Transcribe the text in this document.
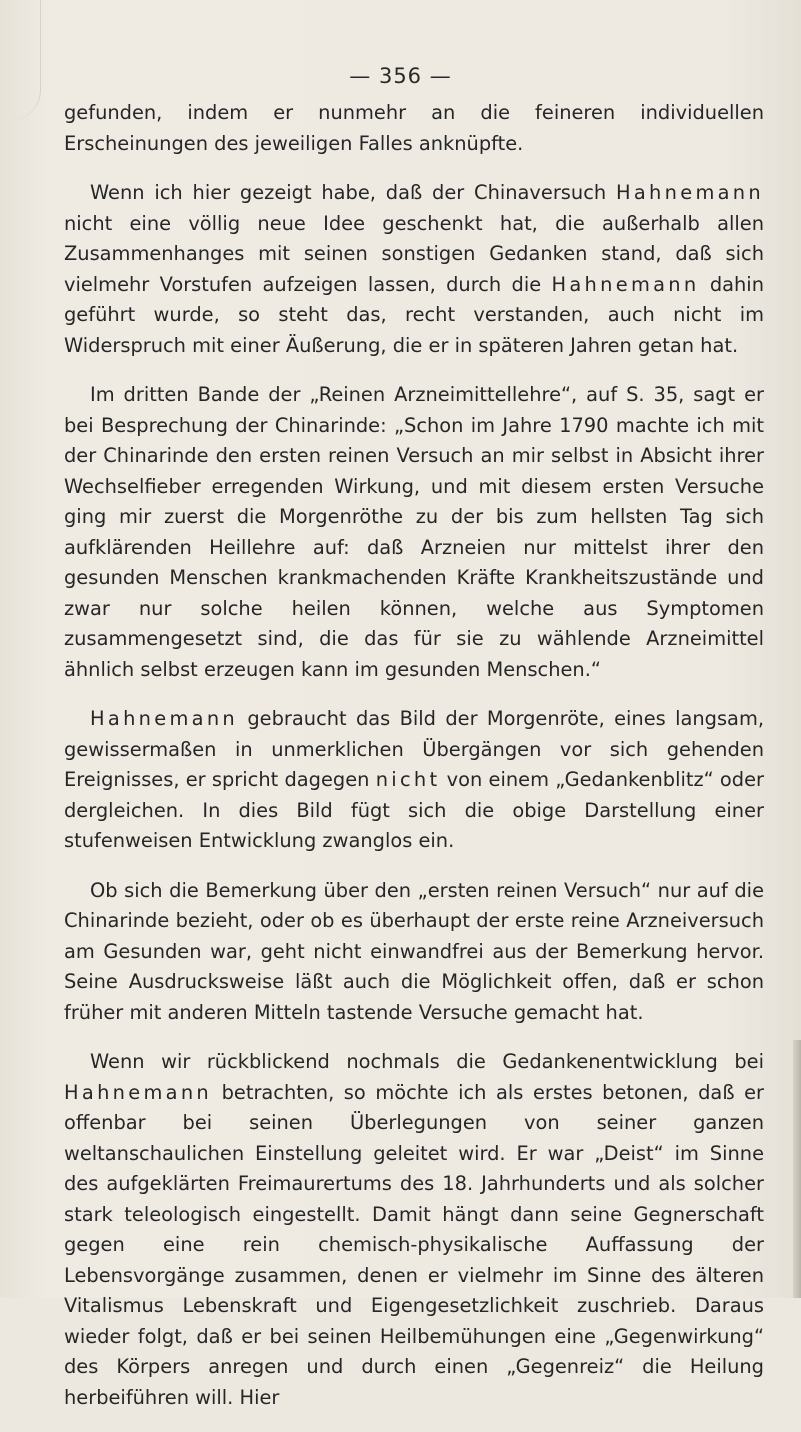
— 356 —

gefunden, indem er nunmehr an die feineren individuellen Erscheinungen des jeweiligen Falles anknüpfte.

Wenn ich hier gezeigt habe, daß der Chinaversuch Hahnemann nicht eine völlig neue Idee geschenkt hat, die außerhalb allen Zusammenhanges mit seinen sonstigen Gedanken stand, daß sich vielmehr Vorstufen aufzeigen lassen, durch die Hahnemann dahin geführt wurde, so steht das, recht verstanden, auch nicht im Widerspruch mit einer Äußerung, die er in späteren Jahren getan hat.

Im dritten Bande der „Reinen Arzneimittellehre“, auf S. 35, sagt er bei Besprechung der Chinarinde: „Schon im Jahre 1790 machte ich mit der Chinarinde den ersten reinen Versuch an mir selbst in Absicht ihrer Wechselfieber erregenden Wirkung, und mit diesem ersten Versuche ging mir zuerst die Morgenröthe zu der bis zum hellsten Tag sich aufklärenden Heillehre auf: daß Arzneien nur mittelst ihrer den gesunden Menschen krankmachenden Kräfte Krankheitszustände und zwar nur solche heilen können, welche aus Symptomen zusammengesetzt sind, die das für sie zu wählende Arzneimittel ähnlich selbst erzeugen kann im gesunden Menschen.“

Hahnemann gebraucht das Bild der Morgenröte, eines langsam, gewissermaßen in unmerklichen Übergängen vor sich gehenden Ereignisses, er spricht dagegen nicht von einem „Gedankenblitz“ oder dergleichen. In dies Bild fügt sich die obige Darstellung einer stufenweisen Entwicklung zwanglos ein.

Ob sich die Bemerkung über den „ersten reinen Versuch“ nur auf die Chinarinde bezieht, oder ob es überhaupt der erste reine Arzneiversuch am Gesunden war, geht nicht einwandfrei aus der Bemerkung hervor. Seine Ausdrucksweise läßt auch die Möglichkeit offen, daß er schon früher mit anderen Mitteln tastende Versuche gemacht hat.

Wenn wir rückblickend nochmals die Gedankenentwicklung bei Hahnemann betrachten, so möchte ich als erstes betonen, daß er offenbar bei seinen Überlegungen von seiner ganzen weltanschaulichen Einstellung geleitet wird. Er war „Deist“ im Sinne des aufgeklärten Freimaurertums des 18. Jahrhunderts und als solcher stark teleologisch eingestellt. Damit hängt dann seine Gegnerschaft gegen eine rein chemisch-physikalische Auffassung der Lebensvorgänge zusammen, denen er vielmehr im Sinne des älteren Vitalismus Lebenskraft und Eigengesetzlichkeit zuschrieb. Daraus wieder folgt, daß er bei seinen Heilbemühungen eine „Gegenwirkung“ des Körpers anregen und durch einen „Gegenreiz“ die Heilung herbeiführen will. Hier
